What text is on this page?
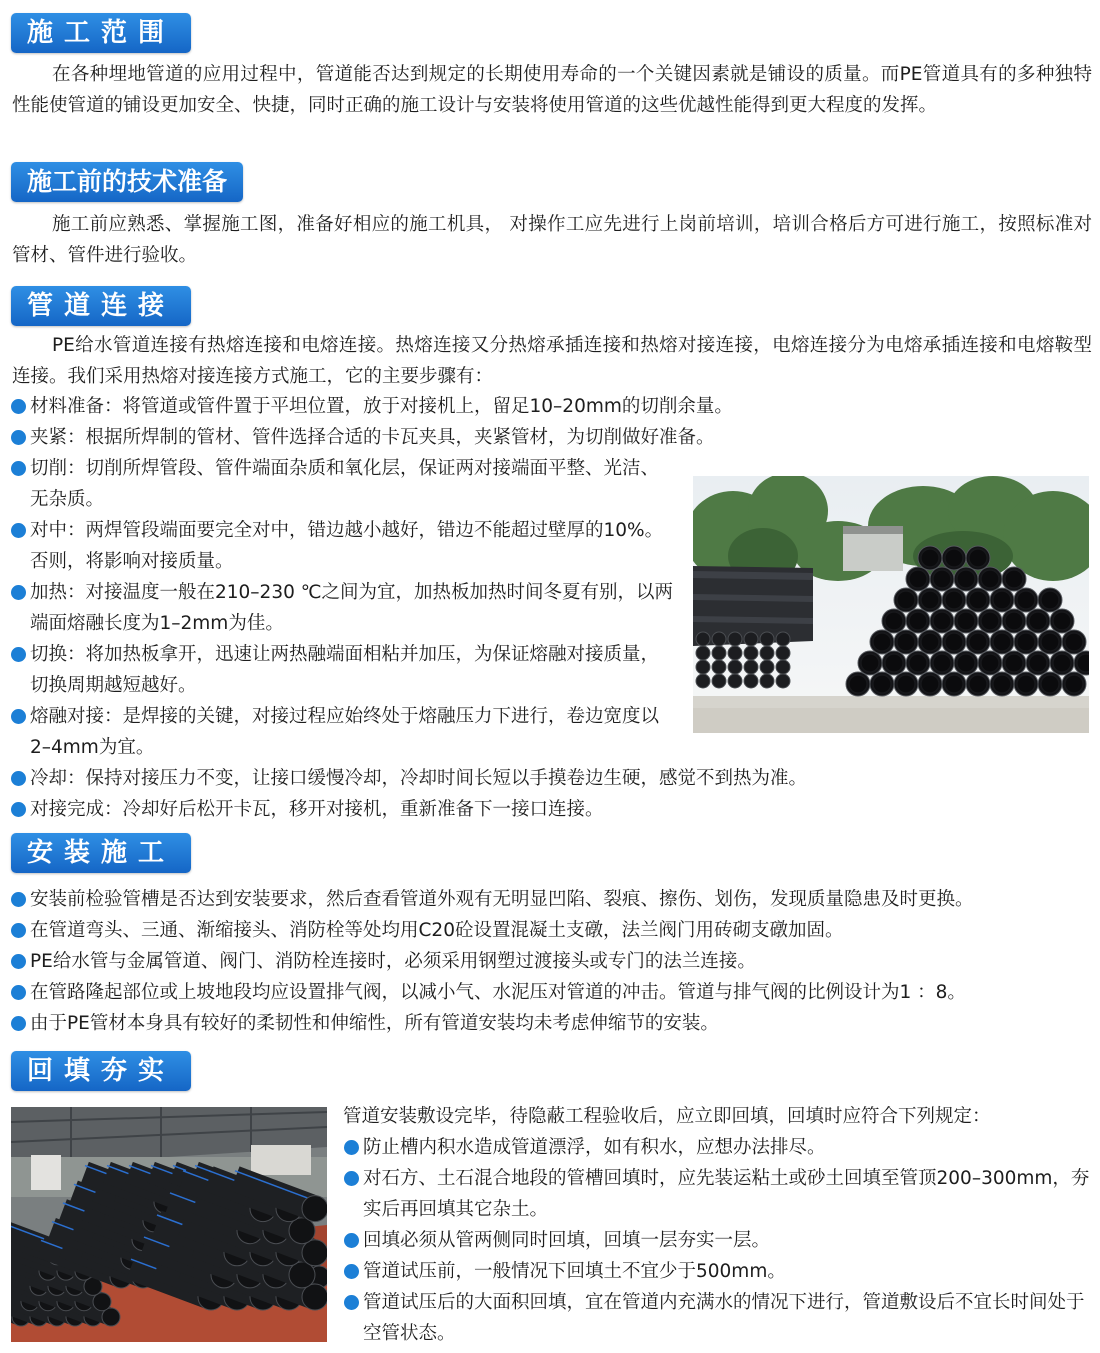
施工范围

在各种埋地管道的应用过程中，管道能否达到规定的长期使用寿命的一个关键因素就是铺设的质量。而PE管道具有的多种独特性能使管道的铺设更加安全、快捷，同时正确的施工设计与安装将使用管道的这些优越性能得到更大程度的发挥。

施工前的技术准备

施工前应熟悉、掌握施工图，准备好相应的施工机具， 对操作工应先进行上岗前培训，培训合格后方可进行施工，按照标准对管材、管件进行验收。

管道连接

PE给水管道连接有热熔连接和电熔连接。热熔连接又分热熔承插连接和热熔对接连接，电熔连接分为电熔承插连接和电熔鞍型连接。我们采用热熔对接连接方式施工，它的主要步骤有：

材料准备：将管道或管件置于平坦位置，放于对接机上，留足10–20mm的切削余量。
夹紧：根据所焊制的管材、管件选择合适的卡瓦夹具，夹紧管材，为切削做好准备。
切削：切削所焊管段、管件端面杂质和氧化层，保证两对接端面平整、光洁、无杂质。
对中：两焊管段端面要完全对中，错边越小越好，错边不能超过壁厚的10%。否则，将影响对接质量。
加热：对接温度一般在210–230 ℃之间为宜，加热板加热时间冬夏有别，以两端面熔融长度为1–2mm为佳。
切换：将加热板拿开，迅速让两热融端面相粘并加压，为保证熔融对接质量，切换周期越短越好。
熔融对接：是焊接的关键，对接过程应始终处于熔融压力下进行，卷边宽度以2–4mm为宜。
冷却：保持对接压力不变，让接口缓慢冷却，冷却时间长短以手摸卷边生硬，感觉不到热为准。
对接完成：冷却好后松开卡瓦，移开对接机，重新准备下一接口连接。
安装施工
安装前检验管槽是否达到安装要求，然后查看管道外观有无明显凹陷、裂痕、擦伤、划伤，发现质量隐患及时更换。
在管道弯头、三通、渐缩接头、消防栓等处均用C20砼设置混凝土支礅，法兰阀门用砖砌支礅加固。
PE给水管与金属管道、阀门、消防栓连接时，必须采用钢塑过渡接头或专门的法兰连接。
在管路隆起部位或上坡地段均应设置排气阀，以减小气、水泥压对管道的冲击。管道与排气阀的比例设计为1 ：8。
由于PE管材本身具有较好的柔韧性和伸缩性，所有管道安装均未考虑伸缩节的安装。
回填夯实

管道安装敷设完毕，待隐蔽工程验收后，应立即回填，回填时应符合下列规定：

防止槽内积水造成管道漂浮，如有积水，应想办法排尽。
对石方、土石混合地段的管槽回填时，应先装运粘土或砂土回填至管顶200–300mm，夯实后再回填其它杂土。
回填必须从管两侧同时回填，回填一层夯实一层。
管道试压前，一般情况下回填土不宜少于500mm。
管道试压后的大面积回填，宜在管道内充满水的情况下进行，管道敷设后不宜长时间处于空管状态。
